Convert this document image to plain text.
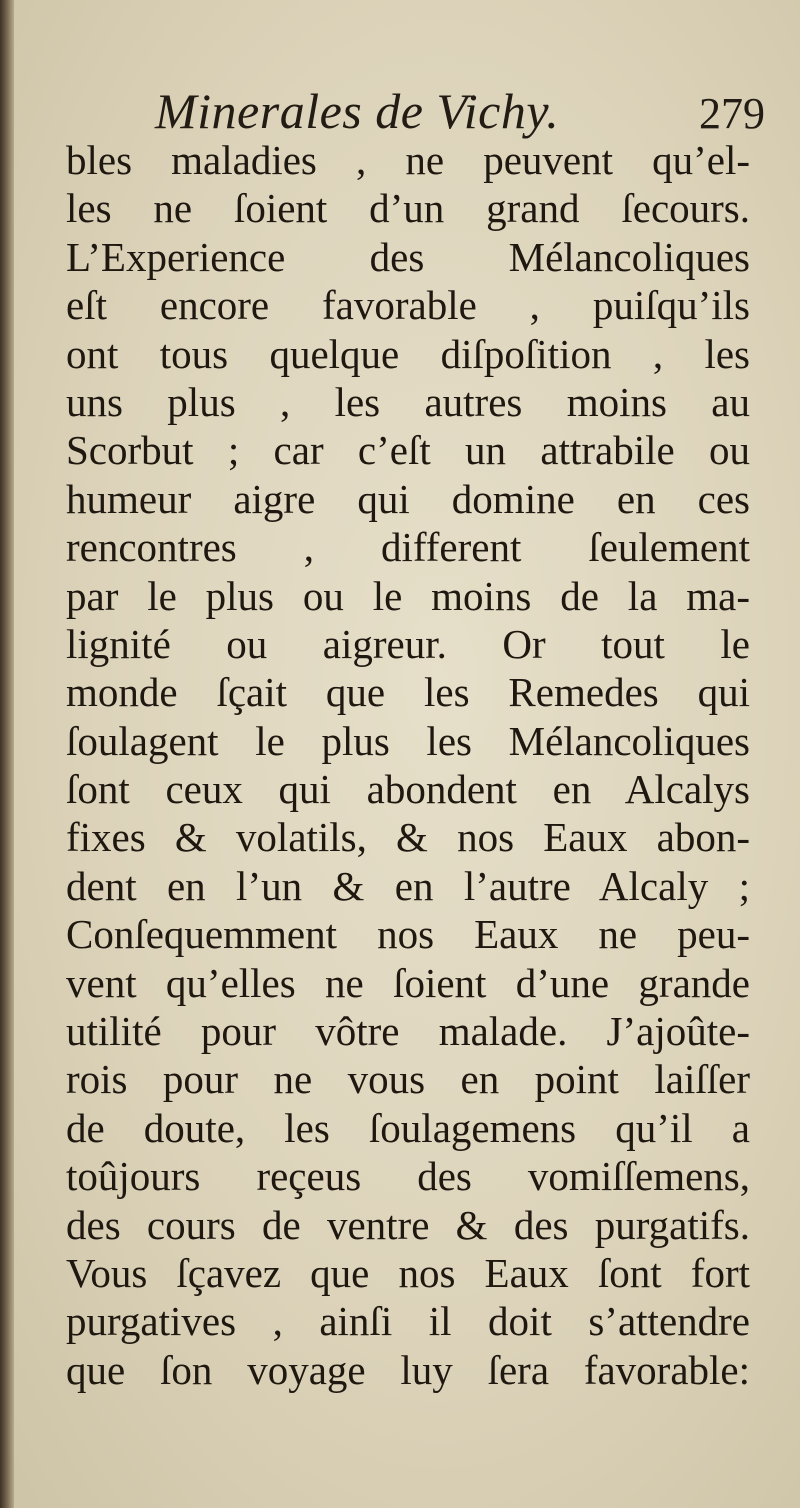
Minerales de Vichy.	279
bles maladies , ne peuvent qu’el-
les ne ſoient d’un grand ſecours.
L’Experience des Mélancoliques
eſt encore favorable , puiſqu’ils
ont tous quelque diſpoſition , les
uns plus , les autres moins au
Scorbut ; car c’eſt un attrabile ou
humeur aigre qui domine en ces
rencontres , different ſeulement
par le plus ou le moins de la ma-
lignité ou aigreur. Or tout le
monde ſçait que les Remedes qui
ſoulagent le plus les Mélancoliques
ſont ceux qui abondent en Alcalys
fixes & volatils, & nos Eaux abon-
dent en l’un & en l’autre Alcaly ;
Conſequemment nos Eaux ne peu-
vent qu’elles ne ſoient d’une grande
utilité pour vôtre malade. J’ajoûte-
rois pour ne vous en point laiſſer
de doute, les ſoulagemens qu’il a
toûjours reçeus des vomiſſemens,
des cours de ventre & des purgatifs.
Vous ſçavez que nos Eaux ſont fort
purgatives , ainſi il doit s’attendre
que ſon voyage luy ſera favorable:
